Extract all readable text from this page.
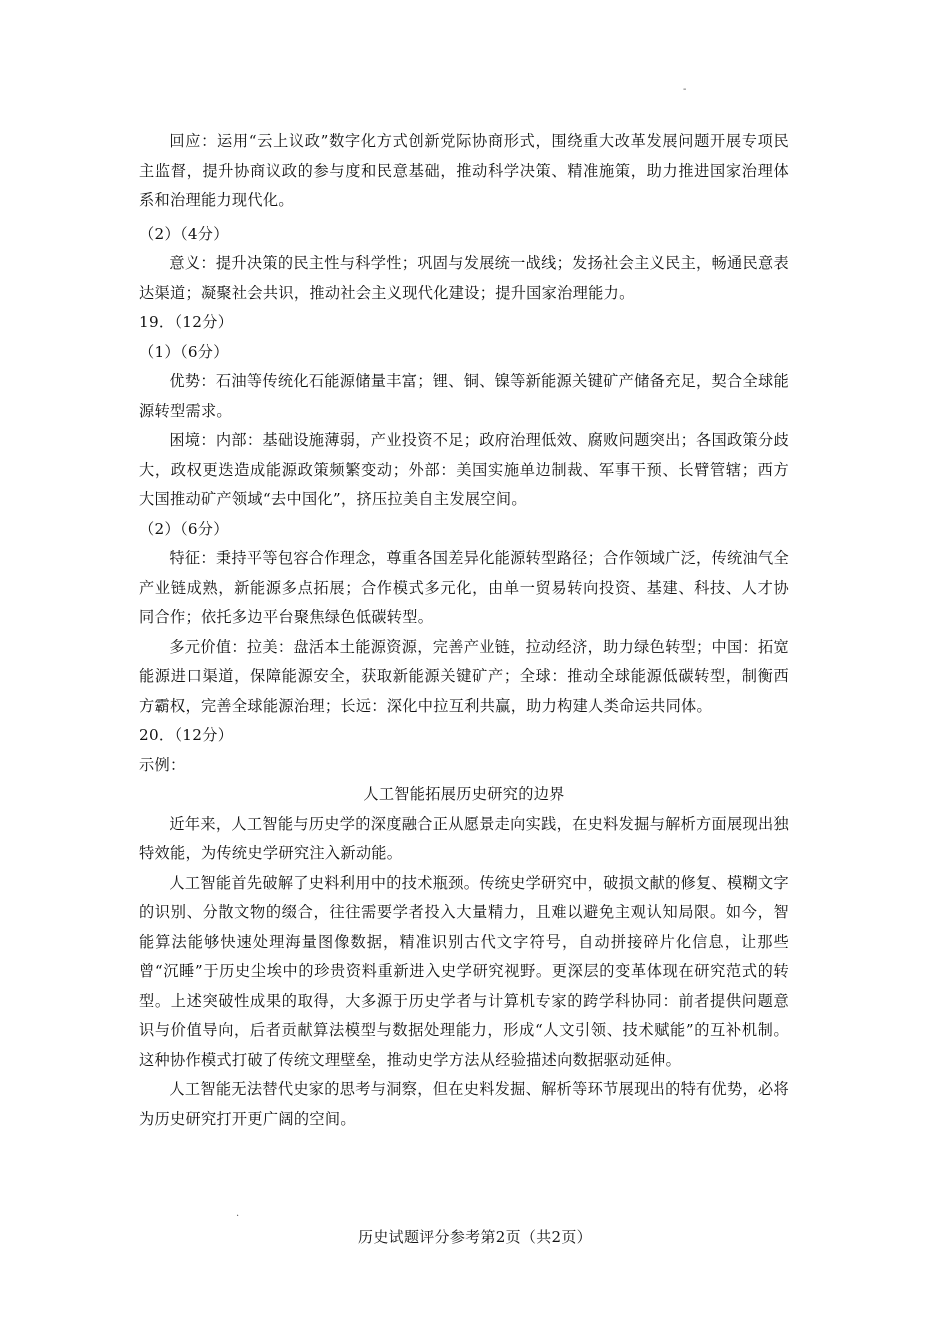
-

回应：运用“云上议政”数字化方式创新党际协商形式，围绕重大改革发展问题开展专项民主监督，提升协商议政的参与度和民意基础，推动科学决策、精准施策，助力推进国家治理体系和治理能力现代化。

（2）（4分）

意义：提升决策的民主性与科学性；巩固与发展统一战线；发扬社会主义民主，畅通民意表达渠道；凝聚社会共识，推动社会主义现代化建设；提升国家治理能力。

19．（12分）

（1）（6分）

优势：石油等传统化石能源储量丰富；锂、铜、镍等新能源关键矿产储备充足，契合全球能源转型需求。

困境：内部：基础设施薄弱，产业投资不足；政府治理低效、腐败问题突出；各国政策分歧大，政权更迭造成能源政策频繁变动；外部：美国实施单边制裁、军事干预、长臂管辖；西方大国推动矿产领域“去中国化”，挤压拉美自主发展空间。

（2）（6分）

特征：秉持平等包容合作理念，尊重各国差异化能源转型路径；合作领域广泛，传统油气全产业链成熟，新能源多点拓展；合作模式多元化，由单一贸易转向投资、基建、科技、人才协同合作；依托多边平台聚焦绿色低碳转型。

多元价值：拉美：盘活本土能源资源，完善产业链，拉动经济，助力绿色转型；中国：拓宽能源进口渠道，保障能源安全，获取新能源关键矿产；全球：推动全球能源低碳转型，制衡西方霸权，完善全球能源治理；长远：深化中拉互利共赢，助力构建人类命运共同体。

20．（12分）

示例：

人工智能拓展历史研究的边界

近年来，人工智能与历史学的深度融合正从愿景走向实践，在史料发掘与解析方面展现出独特效能，为传统史学研究注入新动能。

人工智能首先破解了史料利用中的技术瓶颈。传统史学研究中，破损文献的修复、模糊文字的识别、分散文物的缀合，往往需要学者投入大量精力，且难以避免主观认知局限。如今，智能算法能够快速处理海量图像数据，精准识别古代文字符号，自动拼接碎片化信息，让那些曾“沉睡”于历史尘埃中的珍贵资料重新进入史学研究视野。更深层的变革体现在研究范式的转型。上述突破性成果的取得，大多源于历史学者与计算机专家的跨学科协同：前者提供问题意识与价值导向，后者贡献算法模型与数据处理能力，形成“人文引领、技术赋能”的互补机制。这种协作模式打破了传统文理壁垒，推动史学方法从经验描述向数据驱动延伸。

人工智能无法替代史家的思考与洞察，但在史料发掘、解析等环节展现出的特有优势，必将为历史研究打开更广阔的空间。

.
历史试题评分参考第2页（共2页）
